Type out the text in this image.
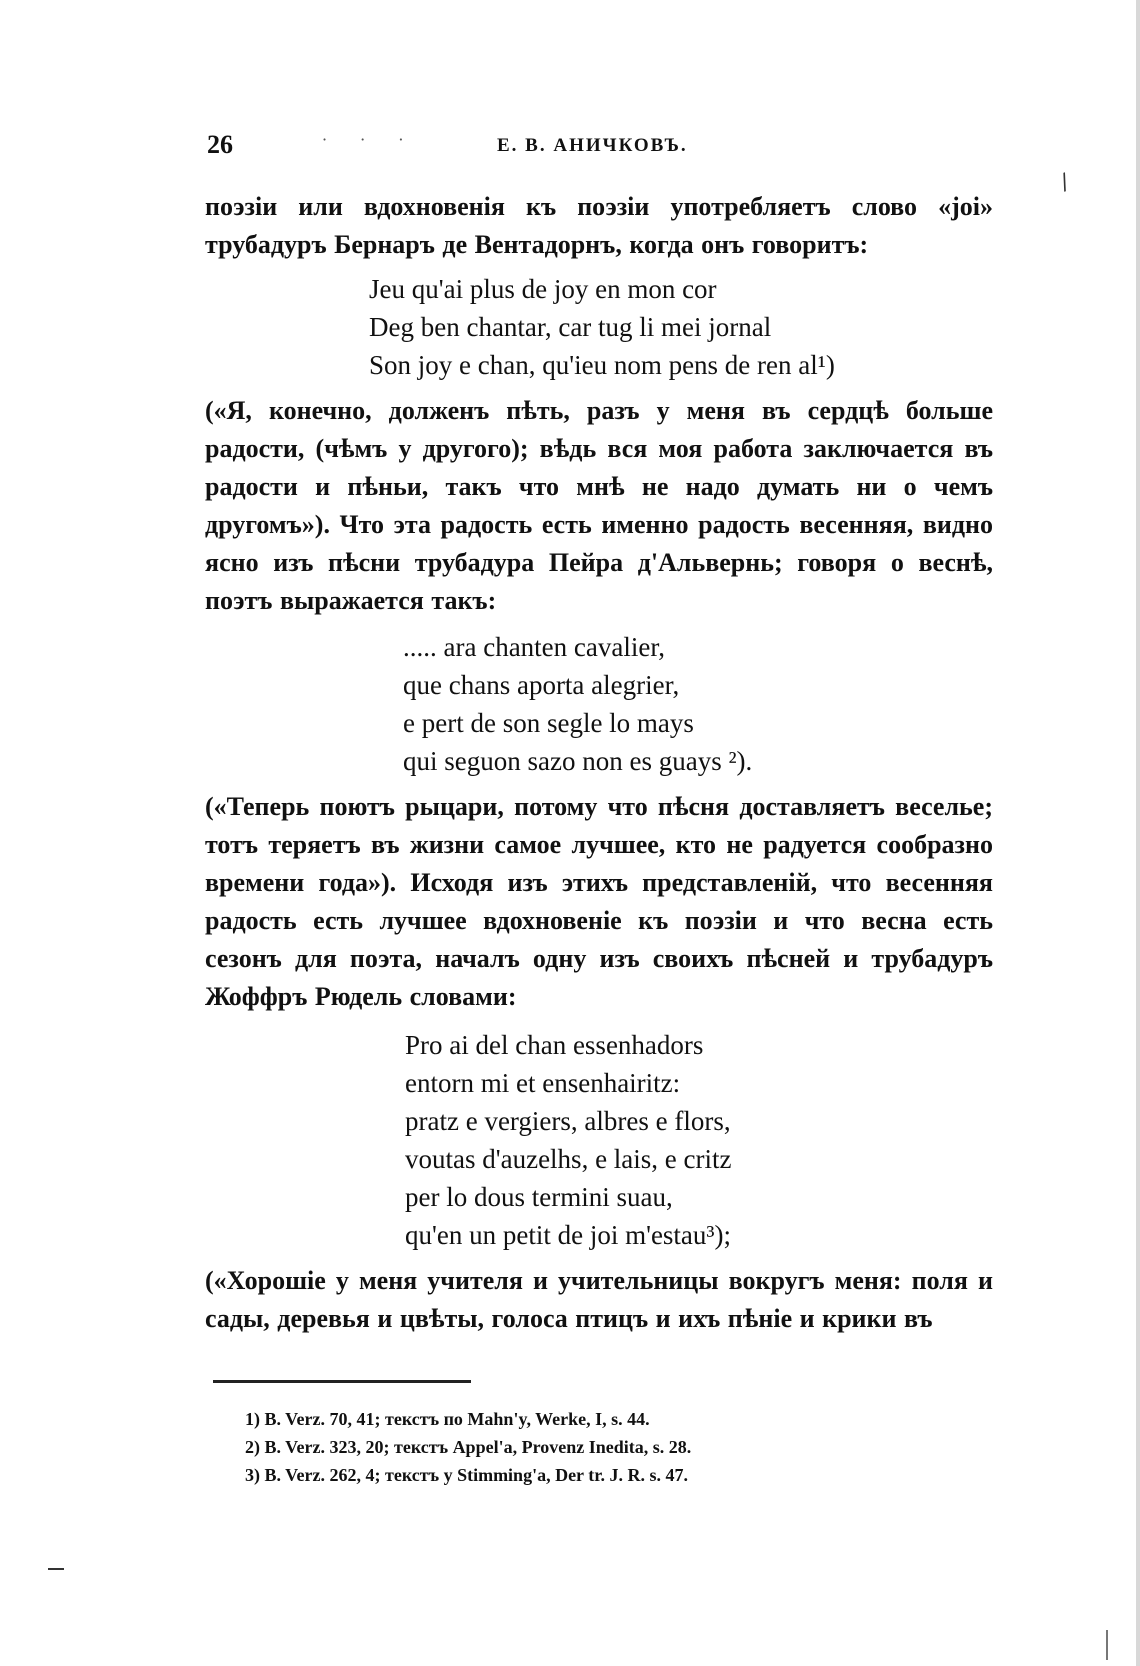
26	· · ·	Е. В. АНИЧКОВЪ.
/

поэзіи или вдохновенія къ поэзіи употребляетъ слово «joi» трубадуръ Бернаръ де Вентадорнъ, когда онъ говоритъ:

Jeu qu'ai plus de joy en mon cor
Deg ben chantar, car tug li mei jornal
Son joy e chan, qu'ieu nom pens de ren al¹)

(«Я, конечно, долженъ пѣть, разъ у меня въ сердцѣ больше радости, (чѣмъ у другого); вѣдь вся моя работа заключается въ радости и пѣньи, такъ что мнѣ не надо думать ни о чемъ другомъ»). Что эта радость есть именно радость весенняя, видно ясно изъ пѣсни трубадура Пейра д'Альвернь; говоря о веснѣ, поэтъ выражается такъ:

..... ara chanten cavalier,
que chans aporta alegrier,
e pert de son segle lo mays
qui seguon sazo non es guays ²).

(«Теперь поютъ рыцари, потому что пѣсня доставляетъ веселье; тотъ теряетъ въ жизни самое лучшее, кто не радуется сообразно времени года»). Исходя изъ этихъ представленій, что весенняя радость есть лучшее вдохновеніе къ поэзіи и что весна есть сезонъ для поэта, началъ одну изъ своихъ пѣсней и трубадуръ Жоффръ Рюдель словами:

Pro ai del chan essenhadors
entorn mi et ensenhairitz:
pratz e vergiers, albres e flors,
voutas d'auzelhs, e lais, e critz
per lo dous termini suau,
qu'en un petit de joi m'estau³);

(«Хорошіе у меня учителя и учительницы вокругъ меня: поля и сады, деревья и цвѣты, голоса птицъ и ихъ пѣніе и крики въ

1) B. Verz. 70, 41; текстъ по Mahn'y, Werke, I, s. 44.
2) B. Verz. 323, 20; текстъ Appel'a, Provenz Inedita, s. 28.
3) B. Verz. 262, 4; текстъ у Stimming'a, Der tr. J. R. s. 47.
